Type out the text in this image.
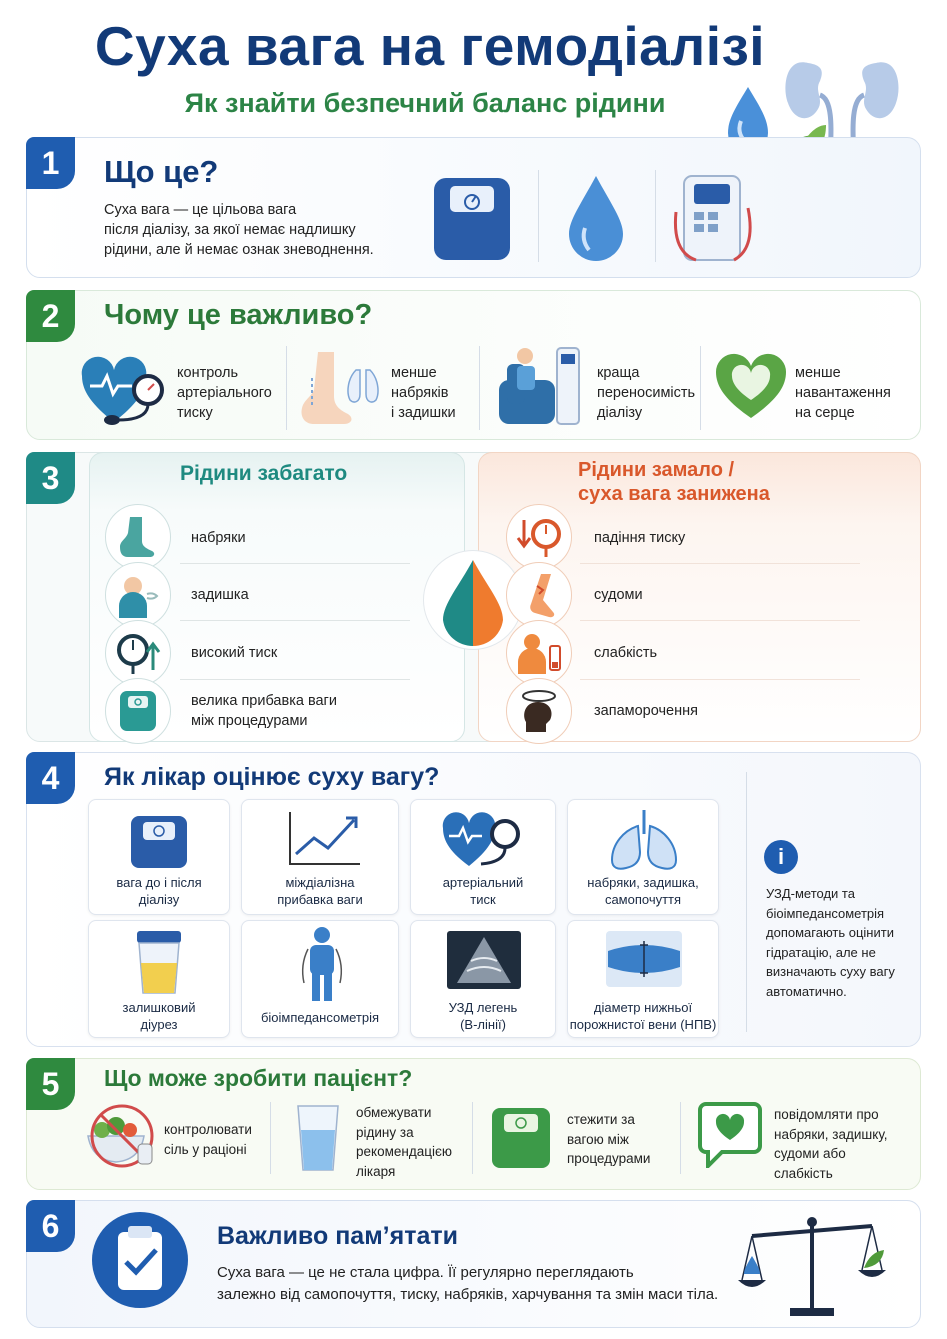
Суха вага на гемодіалізі
Як знайти безпечний баланс рідини
1	Що це?
Суха вага — це цільова вага
після діалізу, за якої немає надлишку
рідини, але й немає ознак зневоднення.
2	Чому це важливо?
контроль
артеріального
тиску
менше
набряків
і задишки
краща
переносимість
діалізу
менше
навантаження
на серце
3	Рідини забагато	Рідини замало /
суха вага занижена
набряки
задишка
високий тиск
велика прибавка ваги
між процедурами
падіння тиску
судоми
слабкість
запаморочення
4	Як лікар оцінює суху вагу?
вага до і після
діалізу
міждіалізна
прибавка ваги
артеріальний
тиск
набряки, задишка,
самопочуття
залишковий
діурез	біоімпедансометрія
УЗД легень
(В-лінії)
діаметр нижньої
порожнистої вени (НПВ)
i
УЗД-методи та
біоімпедансометрія
допомагають оцінити
гідратацію, але не
визначають суху вагу
автоматично.
5	Що може зробити пацієнт?
контролювати
сіль у раціоні
обмежувати
рідину за
рекомендацією
лікаря
стежити за
вагою між
процедурами
повідомляти про
набряки, задишку,
судоми або
слабкість
6	Важливо пам’ятати
Суха вага — це не стала цифра. Її регулярно переглядають
залежно від самопочуття, тиску, набряків, харчування та змін маси тіла.
